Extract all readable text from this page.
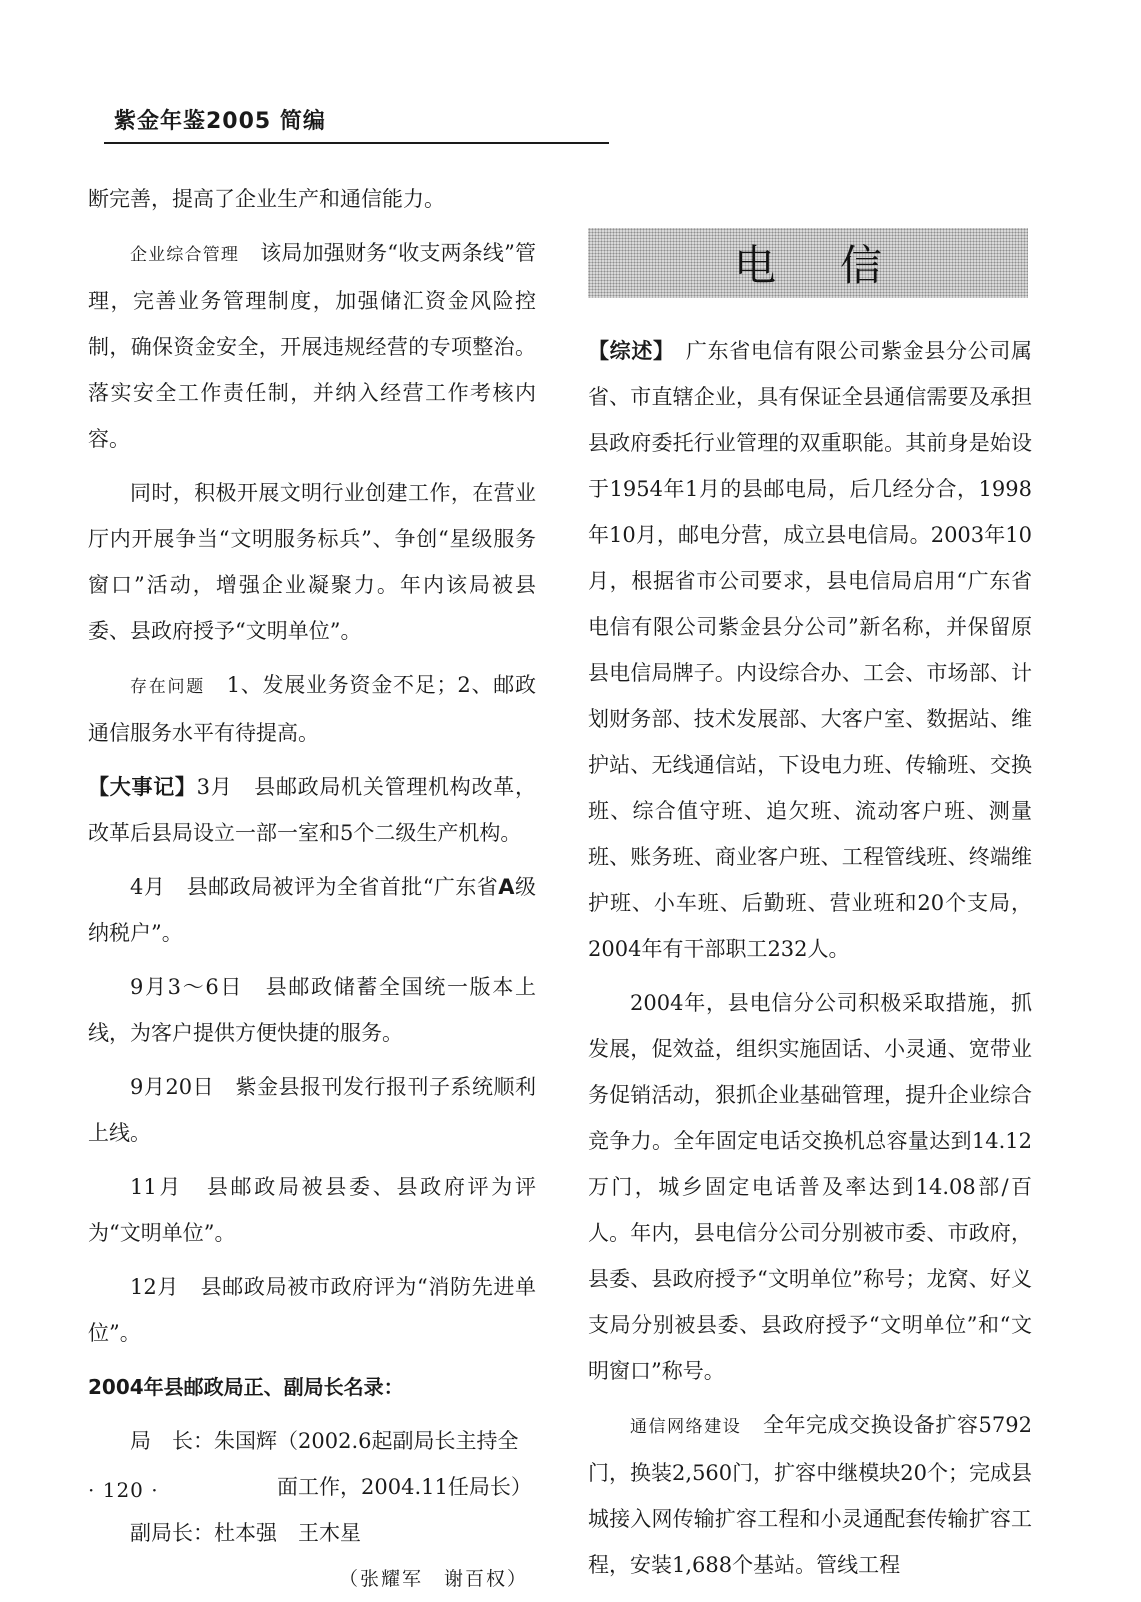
紫金年鉴2005 简编

断完善，提高了企业生产和通信能力。

企业综合管理　 该局加强财务“收支两条线”管理，完善业务管理制度，加强储汇资金风险控制，确保资金安全，开展违规经营的专项整治。落实安全工作责任制，并纳入经营工作考核内容。

同时，积极开展文明行业创建工作，在营业厅内开展争当“文明服务标兵”、争创“星级服务窗口”活动，增强企业凝聚力。年内该局被县委、县政府授予“文明单位”。

存在问题　 1、发展业务资金不足；2、邮政通信服务水平有待提高。

【大事记】3月　县邮政局机关管理机构改革，改革后县局设立一部一室和5个二级生产机构。

4月　县邮政局被评为全省首批“广东省A级纳税户”。

9月3～6日　县邮政储蓄全国统一版本上线，为客户提供方便快捷的服务。

9月20日　紫金县报刊发行报刊子系统顺利上线。

11月　县邮政局被县委、县政府评为评为“文明单位”。

12月　县邮政局被市政府评为“消防先进单位”。

2004年县邮政局正、副局长名录：

局　长：朱国辉（2002.6起副局长主持全
面工作，2004.11任局长）
副局长：杜本强　王木星
（张耀军　谢百权）
电信

【综述】　 广东省电信有限公司紫金县分公司属省、市直辖企业，具有保证全县通信需要及承担县政府委托行业管理的双重职能。其前身是始设于1954年1月的县邮电局，后几经分合，1998年10月，邮电分营，成立县电信局。2003年10月，根据省市公司要求，县电信局启用“广东省电信有限公司紫金县分公司”新名称，并保留原县电信局牌子。内设综合办、工会、市场部、计划财务部、技术发展部、大客户室、数据站、维护站、无线通信站，下设电力班、传输班、交换班、综合值守班、追欠班、流动客户班、测量班、账务班、商业客户班、工程管线班、终端维护班、小车班、后勤班、营业班和20个支局，2004年有干部职工232人。

2004年，县电信分公司积极采取措施，抓发展，促效益，组织实施固话、小灵通、宽带业务促销活动，狠抓企业基础管理，提升企业综合竞争力。全年固定电话交换机总容量达到14.12万门，城乡固定电话普及率达到14.08部/百人。年内，县电信分公司分别被市委、市政府，县委、县政府授予“文明单位”称号；龙窝、好义支局分别被县委、县政府授予“文明单位”和“文明窗口”称号。

通信网络建设　 全年完成交换设备扩容5792门，换装2,560门，扩容中继模块20个；完成县城接入网传输扩容工程和小灵通配套传输扩容工程，安装1,688个基站。管线工程

· 120 ·
